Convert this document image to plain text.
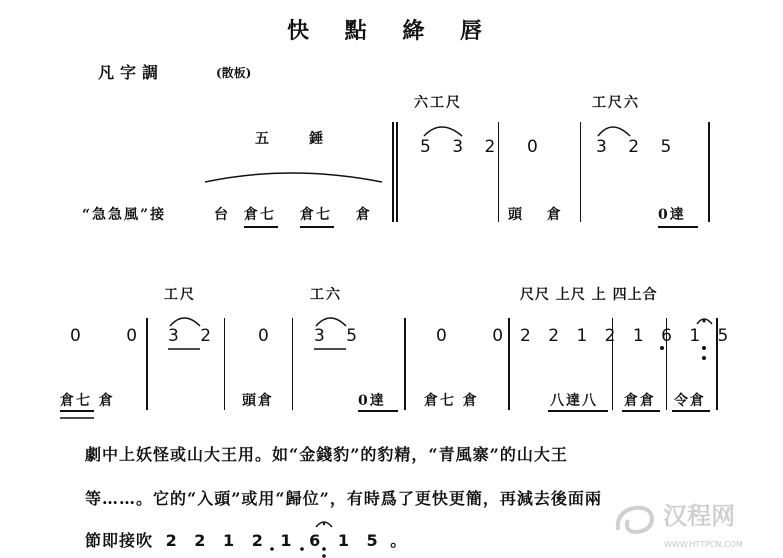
快 點 絳 唇
凡字調	(散板)
五　　錘
“急急風”接	台 倉七 倉七 倉
六工尺
5 3 2 0
頭 倉
工尺六
3 2 5
0達
工尺	工六	尺尺 上尺 上 四上合
0 0 3 2 0 3 5	0 0
2 2 1 2 1 6 1 5
倉七 倉	頭倉	0達	倉七 倉	八達八 倉倉 令倉
劇中上妖怪或山大王用。如“金錢豹”的豹精，“青風寨”的山大王
等……。它的“入頭”或用“歸位”，有時爲了更快更簡，再減去後面兩
節即接吹 2 2 1 2 1 6 1 5 。
汉程网
WWW.HTTPCN.COM
